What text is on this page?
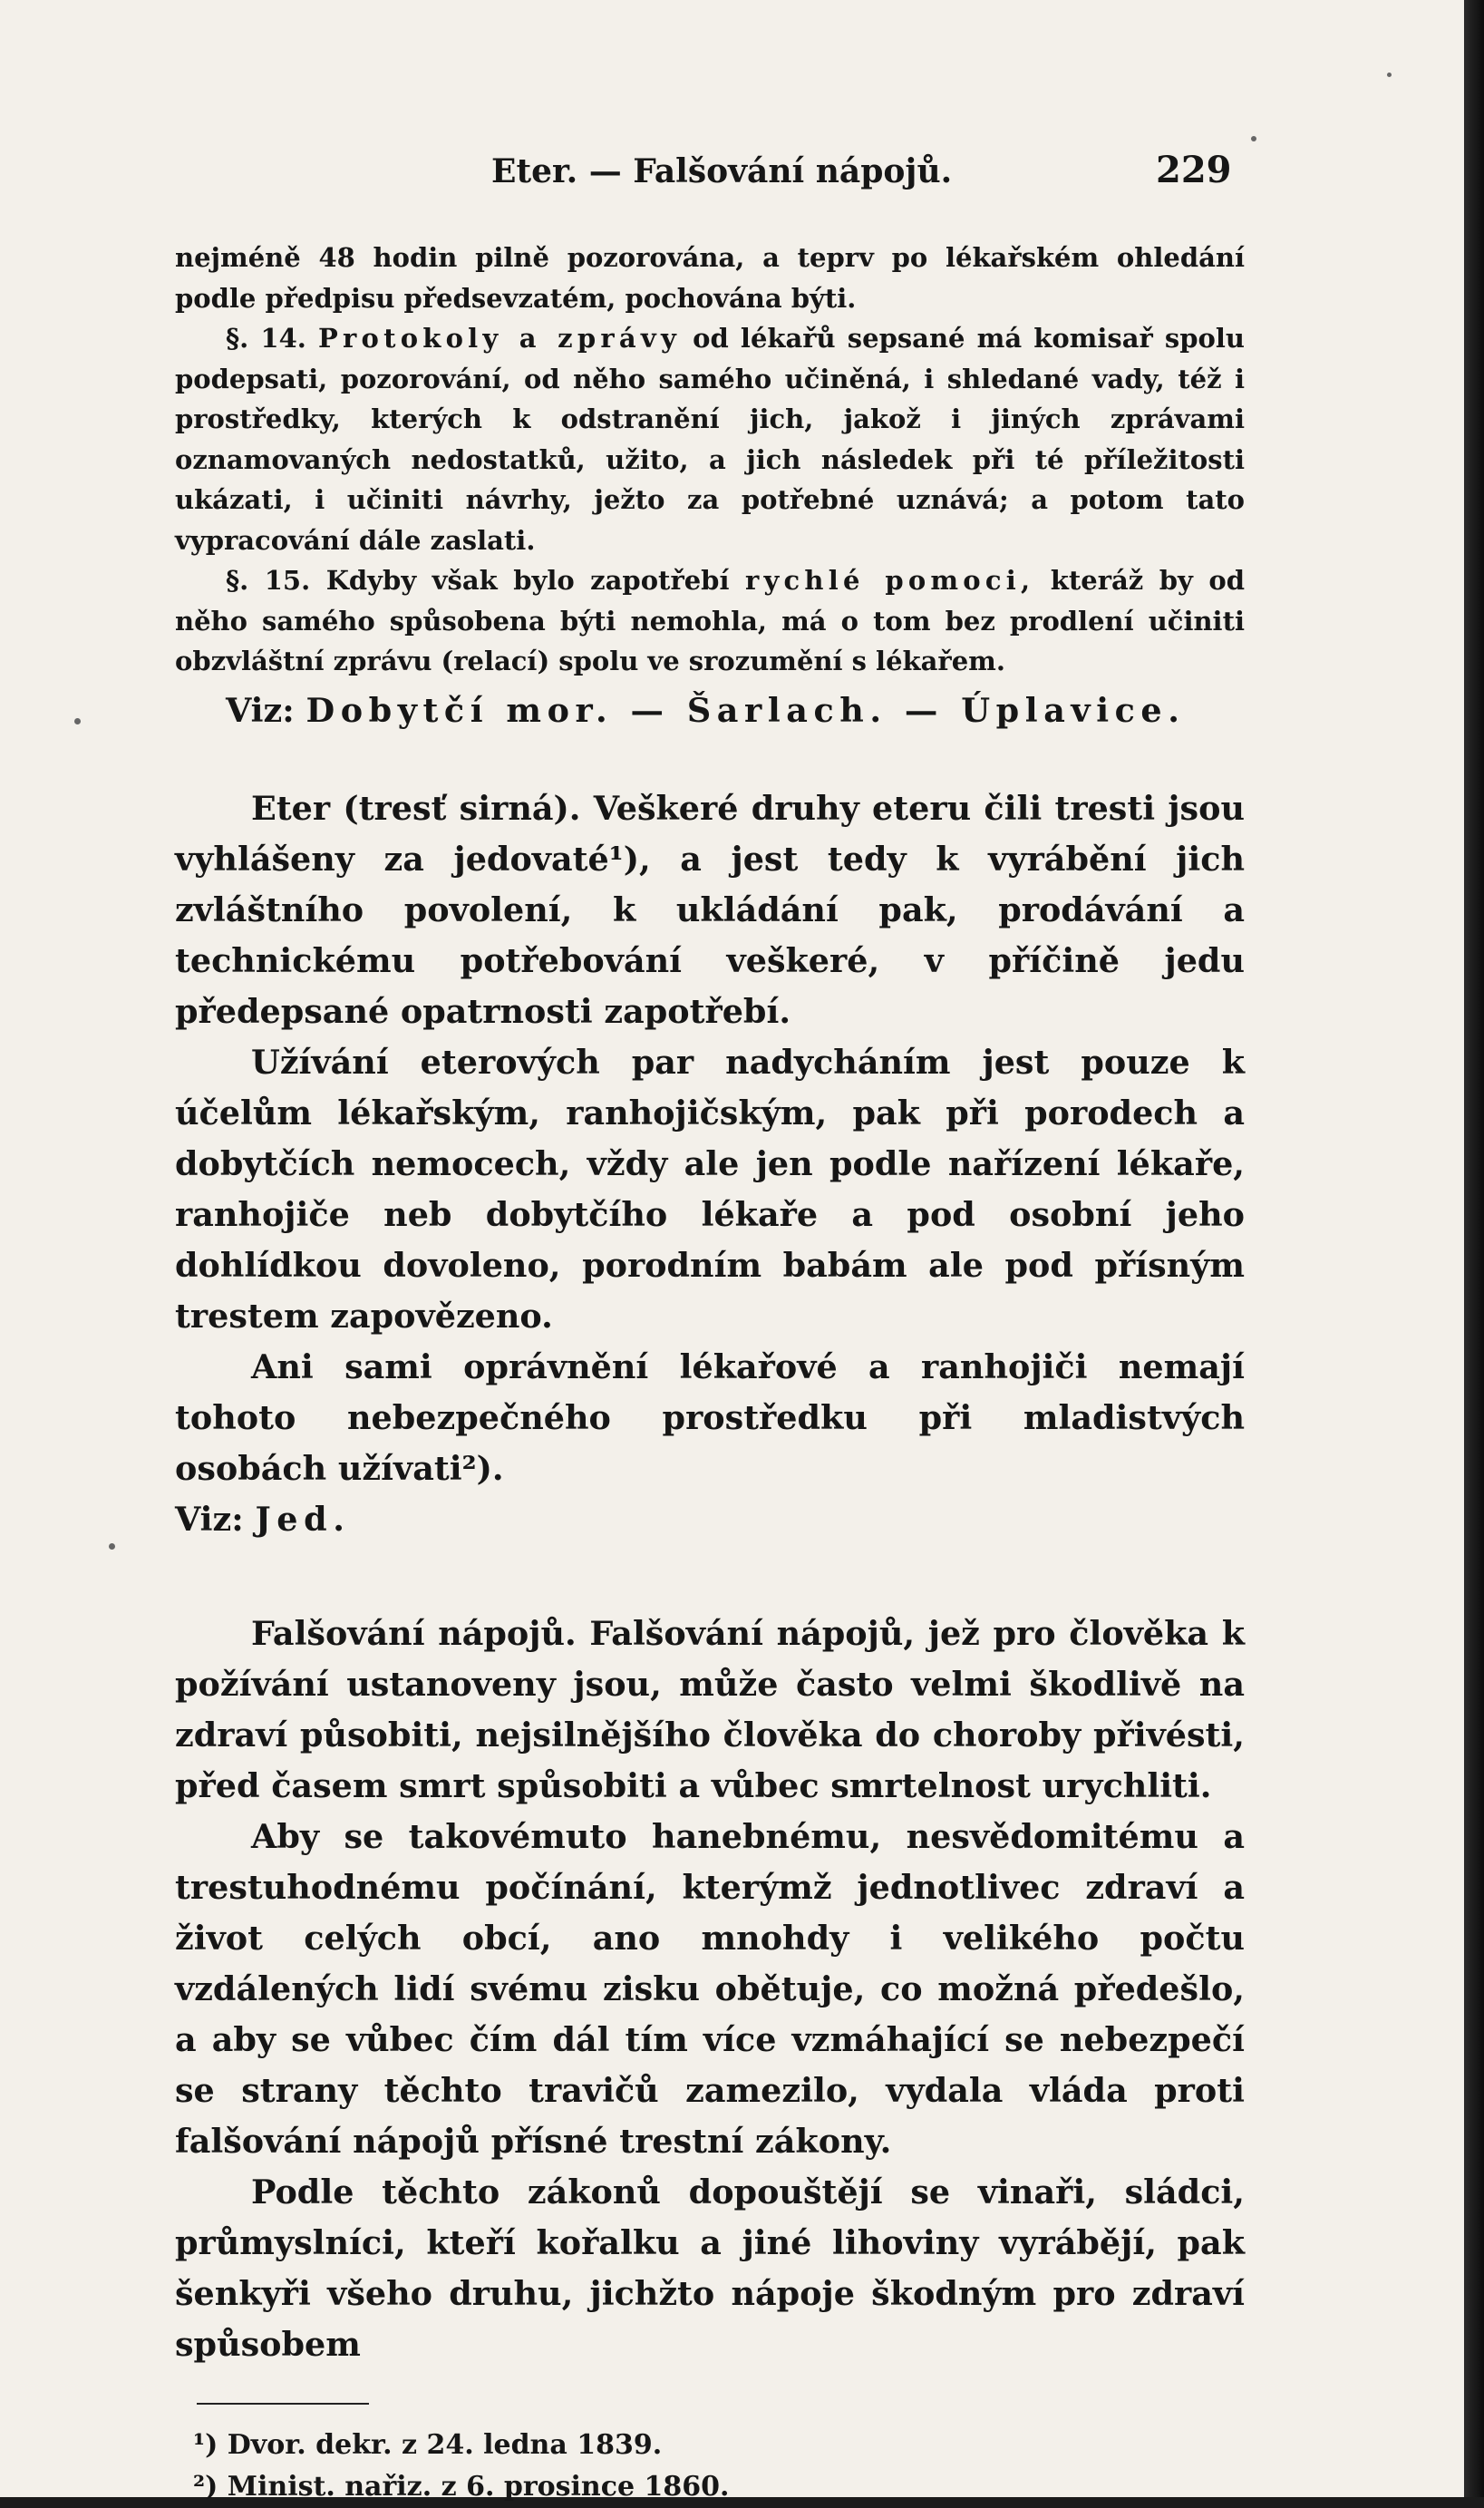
Eter. — Falšování nápojů.	229

nejméně 48 hodin pilně pozorována, a teprv po lékařském ohledání podle předpisu předsevzatém, pochována býti.

§. 14. Protokoly a zprávy od lékařů sepsané má komisař spolu podepsati, pozorování, od něho samého učiněná, i shledané vady, též i prostředky, kterých k odstranění jich, jakož i jiných zprávami oznamovaných nedostatků, užito, a jich následek při té příležitosti ukázati, i učiniti návrhy, ježto za potřebné uznává; a potom tato vypracování dále zaslati.

§. 15. Kdyby však bylo zapotřebí rychlé pomoci, kteráž by od něho samého spůsobena býti nemohla, má o tom bez prodlení učiniti obzvláštní zprávu (relací) spolu ve srozumění s lékařem.

Viz: Dobytčí mor. — Šarlach. — Úplavice.

Eter (tresť sirná). Veškeré druhy eteru čili tresti jsou vyhlášeny za jedovaté¹), a jest tedy k vyrábění jich zvláštního povolení, k ukládání pak, prodávání a technickému potřebování veškeré, v příčině jedu předepsané opatrnosti zapotřebí.

Užívání eterových par nadycháním jest pouze k účelům lékařským, ranhojičským, pak při porodech a dobytčích nemocech, vždy ale jen podle nařízení lékaře, ranhojiče neb dobytčího lékaře a pod osobní jeho dohlídkou dovoleno, porodním babám ale pod přísným trestem zapovězeno.

Ani sami oprávnění lékařové a ranhojiči nemají tohoto nebezpečného prostředku při mladistvých osobách užívati²).

Viz: Jed.

Falšování nápojů. Falšování nápojů, jež pro člověka k požívání ustanoveny jsou, může často velmi škodlivě na zdraví působiti, nejsilnějšího člověka do choroby přivésti, před časem smrt spůsobiti a vůbec smrtelnost urychliti.

Aby se takovémuto hanebnému, nesvědomitému a trestuhodnému počínání, kterýmž jednotlivec zdraví a život celých obcí, ano mnohdy i velikého počtu vzdálených lidí svému zisku obětuje, co možná předešlo, a aby se vůbec čím dál tím více vzmáhající se nebezpečí se strany těchto travičů zamezilo, vydala vláda proti falšování nápojů přísné trestní zákony.

Podle těchto zákonů dopouštějí se vinaři, sládci, průmyslníci, kteří kořalku a jiné lihoviny vyrábějí, pak šenkyři všeho druhu, jichžto nápoje škodným pro zdraví spůsobem

¹) Dvor. dekr. z 24. ledna 1839.
²) Minist. nařiz. z 6. prosince 1860.
